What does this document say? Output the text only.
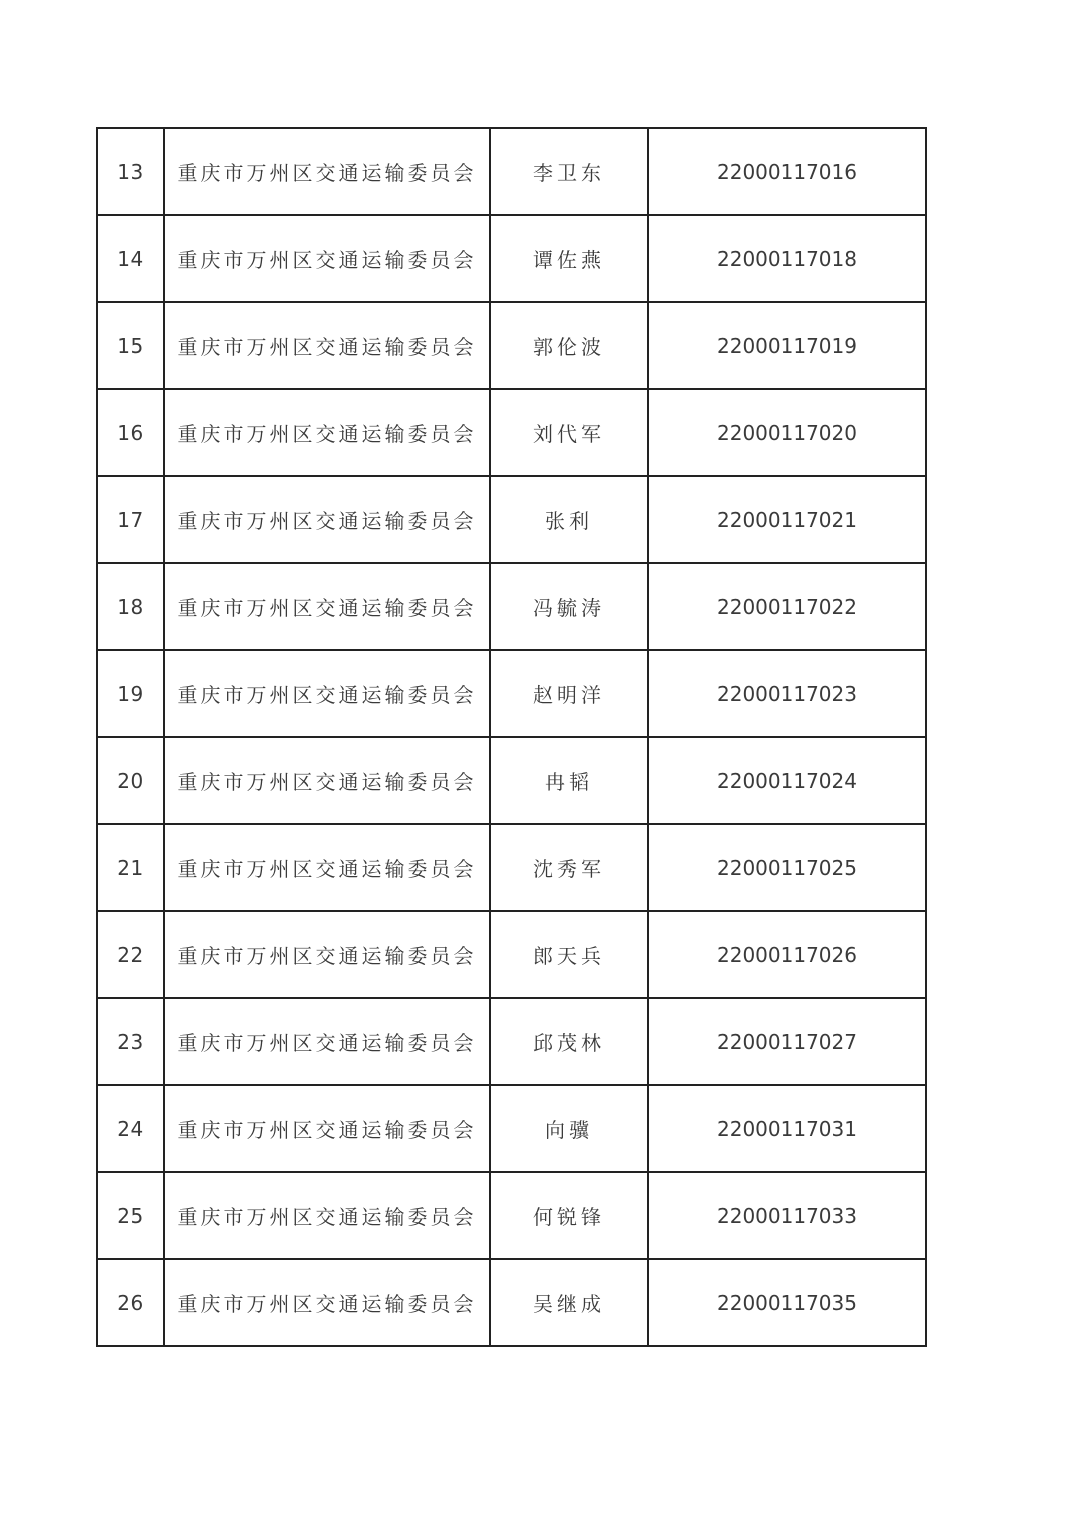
13	重庆市万州区交通运输委员会	李卫东	22000117016
14	重庆市万州区交通运输委员会	谭佐燕	22000117018
15	重庆市万州区交通运输委员会	郭伦波	22000117019
16	重庆市万州区交通运输委员会	刘代军	22000117020
17	重庆市万州区交通运输委员会	张利	22000117021
18	重庆市万州区交通运输委员会	冯毓涛	22000117022
19	重庆市万州区交通运输委员会	赵明洋	22000117023
20	重庆市万州区交通运输委员会	冉韬	22000117024
21	重庆市万州区交通运输委员会	沈秀军	22000117025
22	重庆市万州区交通运输委员会	郎天兵	22000117026
23	重庆市万州区交通运输委员会	邱茂林	22000117027
24	重庆市万州区交通运输委员会	向骥	22000117031
25	重庆市万州区交通运输委员会	何锐锋	22000117033
26	重庆市万州区交通运输委员会	吴继成	22000117035
